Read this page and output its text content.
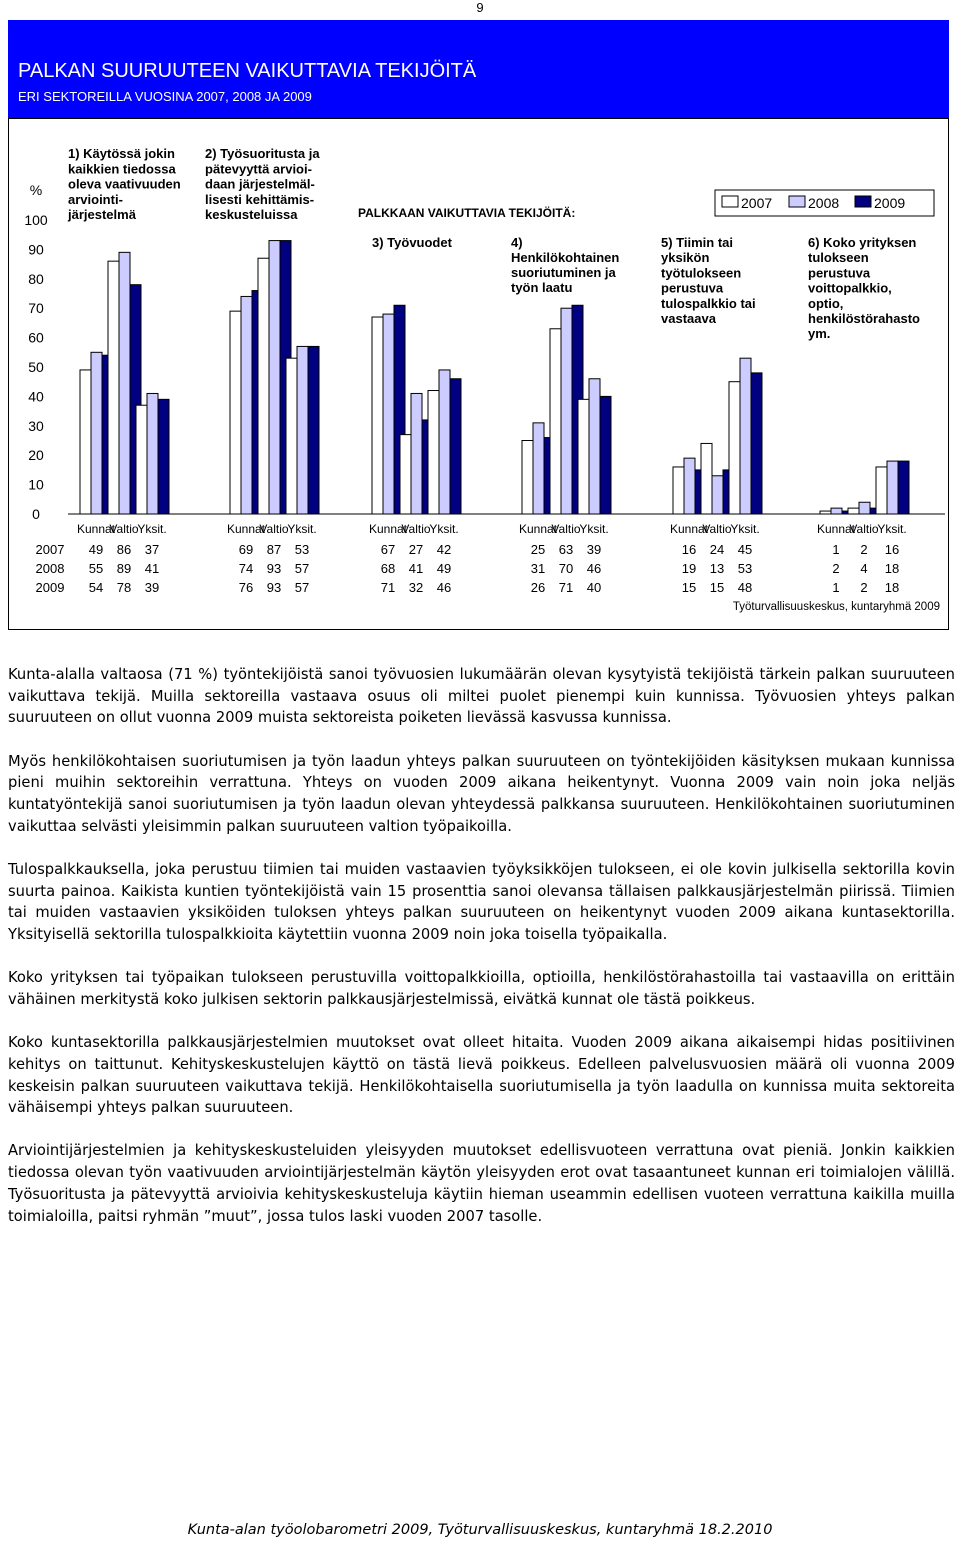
9
PALKAN SUURUUTEEN VAIKUTTAVIA TEKIJÖITÄ
ERI SEKTOREILLA VUOSINA 2007, 2008 JA 2009
0
10
20
30
40
50
60
70
80
90
100
%
Kunnat
Valtio
Yksit.	Kunnat
Valtio
Yksit.	Kunnat
Valtio
Yksit.	Kunnat
Valtio
Yksit.	Kunnat
Valtio
Yksit.	Kunnat
Valtio
Yksit.
2007 49 86 37	69 87 53	67 27 42	25 63 39	16 24 45	1 2 16
2008 55 89 41	74 93 57	68 41 49	31 70 46	19 13 53	2 4 18
2009 54 78 39	76 93 57	71 32 46	26 71 40	15 15 48	1 2 18
1) Käytössä jokin kaikkien tiedossa oleva vaativuuden arviointi-järjestelmä
2) Työsuoritusta ja pätevyyttä arvioi-daan järjestelmäl-lisesti kehittämis-keskusteluissa
3) Työvuodet	4) Henkilökohtainen suoriutuminen ja työn laatu
5) Tiimin tai yksikön työtulokseen perustuva tulospalkkio tai vastaava
6) Koko yrityksen tulokseen perustuva voittopalkkio, optio, henkilöstörahasto ym.
PALKKAAN VAIKUTTAVIA TEKIJÖITÄ:
2007	2008 2009
Työturvallisuuskeskus, kuntaryhmä 2009

Kunta-alalla valtaosa (71 %) työntekijöistä sanoi työvuosien lukumäärän olevan kysytyistä tekijöistä tärkein palkan suuruuteen vaikuttava tekijä. Muilla sektoreilla vastaava osuus oli miltei puolet pienempi kuin kunnissa. Työvuosien yhteys palkan suuruuteen on ollut vuonna 2009 muista sektoreista poiketen lievässä kasvussa kunnissa.

Myös henkilökohtaisen suoriutumisen ja työn laadun yhteys palkan suuruuteen on työntekijöiden käsityksen mukaan kunnissa pieni muihin sektoreihin verrattuna. Yhteys on vuoden 2009 aikana heikentynyt. Vuonna 2009 vain noin joka neljäs kuntatyöntekijä sanoi suoriutumisen ja työn laadun olevan yhteydessä palkkansa suuruuteen. Henkilökohtainen suoriutuminen vaikuttaa selvästi yleisimmin palkan suuruuteen valtion työpaikoilla.

Tulospalkkauksella, joka perustuu tiimien tai muiden vastaavien työyksikköjen tulokseen, ei ole kovin julkisella sektorilla kovin suurta painoa. Kaikista kuntien työntekijöistä vain 15 prosenttia sanoi olevansa tällaisen palkkausjärjestelmän piirissä. Tiimien tai muiden vastaavien yksiköiden tuloksen yhteys palkan suuruuteen on heikentynyt vuoden 2009 aikana kuntasektorilla. Yksityisellä sektorilla tulospalkkioita käytettiin vuonna 2009 noin joka toisella työpaikalla.

Koko yrityksen tai työpaikan tulokseen perustuvilla voittopalkkioilla, optioilla, henkilöstörahastoilla tai vastaavilla on erittäin vähäinen merkitystä koko julkisen sektorin palkkausjärjestelmissä, eivätkä kunnat ole tästä poikkeus.

Koko kuntasektorilla palkkausjärjestelmien muutokset ovat olleet hitaita. Vuoden 2009 aikana aikaisempi hidas positiivinen kehitys on taittunut. Kehityskeskustelujen käyttö on tästä lievä poikkeus. Edelleen palvelusvuosien määrä oli vuonna 2009 keskeisin palkan suuruuteen vaikuttava tekijä. Henkilökohtaisella suoriutumisella ja työn laadulla on kunnissa muita sektoreita vähäisempi yhteys palkan suuruuteen.

Arviointijärjestelmien ja kehityskeskusteluiden yleisyyden muutokset edellisvuoteen verrattuna ovat pieniä. Jonkin kaikkien tiedossa olevan työn vaativuuden arviointijärjestelmän käytön yleisyyden erot ovat tasaantuneet kunnan eri toimialojen välillä. Työsuoritusta ja pätevyyttä arvioivia kehityskeskusteluja käytiin hieman useammin edellisen vuoteen verrattuna kaikilla muilla toimialoilla, paitsi ryhmän ”muut”, jossa tulos laski vuoden 2007 tasolle.

Kunta-alan työolobarometri 2009, Työturvallisuuskeskus, kuntaryhmä 18.2.2010
